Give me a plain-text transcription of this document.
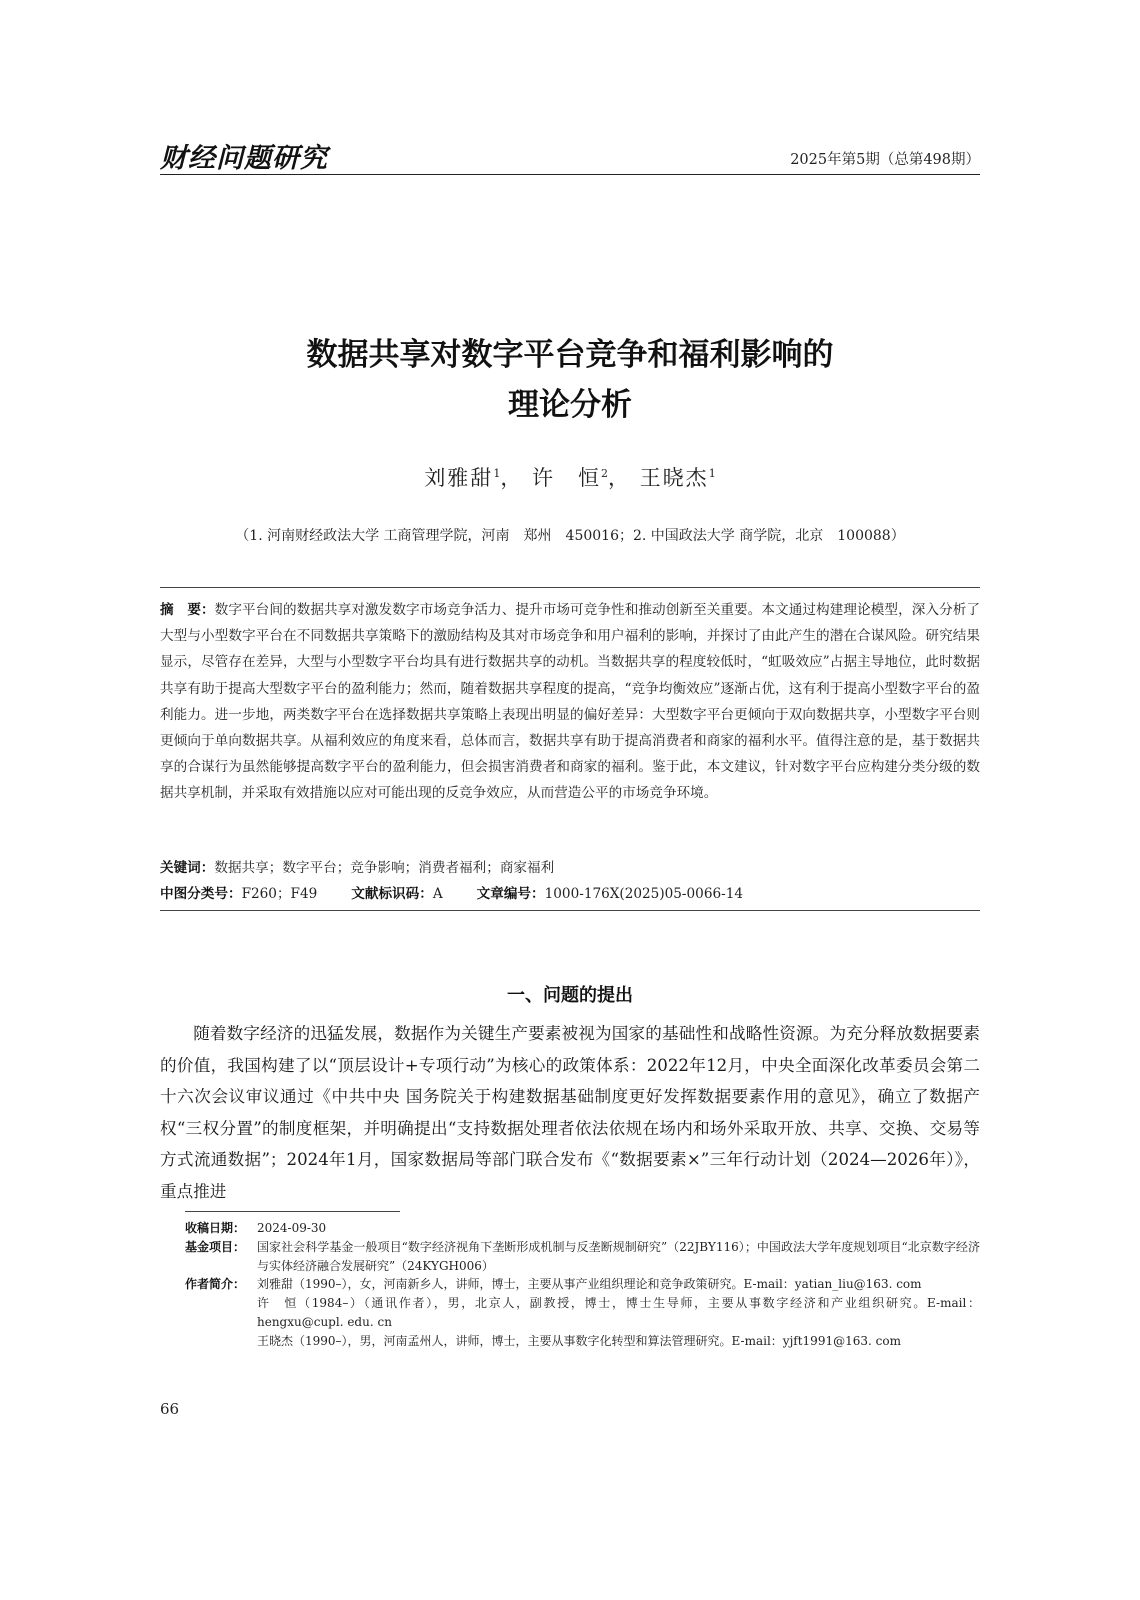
财经问题研究	2025年第5期（总第498期）
数据共享对数字平台竞争和福利影响的
理论分析
刘雅甜$^1$， 许　恒$^2$， 王晓杰$^1$
（1. 河南财经政法大学 工商管理学院，河南　郑州　450016；2. 中国政法大学 商学院，北京　100088）
摘　要：数字平台间的数据共享对激发数字市场竞争活力、提升市场可竞争性和推动创新至关重要。本文通过构建理论模型，深入分析了大型与小型数字平台在不同数据共享策略下的激励结构及其对市场竞争和用户福利的影响，并探讨了由此产生的潜在合谋风险。研究结果显示，尽管存在差异，大型与小型数字平台均具有进行数据共享的动机。当数据共享的程度较低时，“虹吸效应”占据主导地位，此时数据共享有助于提高大型数字平台的盈利能力；然而，随着数据共享程度的提高，“竞争均衡效应”逐渐占优，这有利于提高小型数字平台的盈利能力。进一步地，两类数字平台在选择数据共享策略上表现出明显的偏好差异：大型数字平台更倾向于双向数据共享，小型数字平台则更倾向于单向数据共享。从福利效应的角度来看，总体而言，数据共享有助于提高消费者和商家的福利水平。值得注意的是，基于数据共享的合谋行为虽然能够提高数字平台的盈利能力，但会损害消费者和商家的福利。鉴于此，本文建议，针对数字平台应构建分类分级的数据共享机制，并采取有效措施以应对可能出现的反竞争效应，从而营造公平的市场竞争环境。
关键词：数据共享；数字平台；竞争影响；消费者福利；商家福利
中图分类号：F260；F49	文献标识码：A	文章编号：1000-176X(2025)05-0066-14
一、问题的提出
随着数字经济的迅猛发展，数据作为关键生产要素被视为国家的基础性和战略性资源。为充分释放数据要素的价值，我国构建了以“顶层设计+专项行动”为核心的政策体系：2022年12月，中央全面深化改革委员会第二十六次会议审议通过《中共中央 国务院关于构建数据基础制度更好发挥数据要素作用的意见》，确立了数据产权“三权分置”的制度框架，并明确提出“支持数据处理者依法依规在场内和场外采取开放、共享、交换、交易等方式流通数据”；2024年1月，国家数据局等部门联合发布《“数据要素×”三年行动计划（2024—2026年）》，重点推进
收稿日期： 2024-09-30
基金项目： 国家社会科学基金一般项目“数字经济视角下垄断形成机制与反垄断规制研究”（22JBY116）；中国政法大学年度规划项目“北京数字经济与实体经济融合发展研究”（24KYGH006）

作者简介： 刘雅甜（1990–），女，河南新乡人，讲师，博士，主要从事产业组织理论和竞争政策研究。E-mail：yatian_liu@163. com

许　恒（1984–）（通讯作者），男，北京人，副教授，博士，博士生导师，主要从事数字经济和产业组织研究。E-mail：hengxu@cupl. edu. cn

王晓杰（1990–），男，河南孟州人，讲师，博士，主要从事数字化转型和算法管理研究。E-mail：yjft1991@163. com

66
